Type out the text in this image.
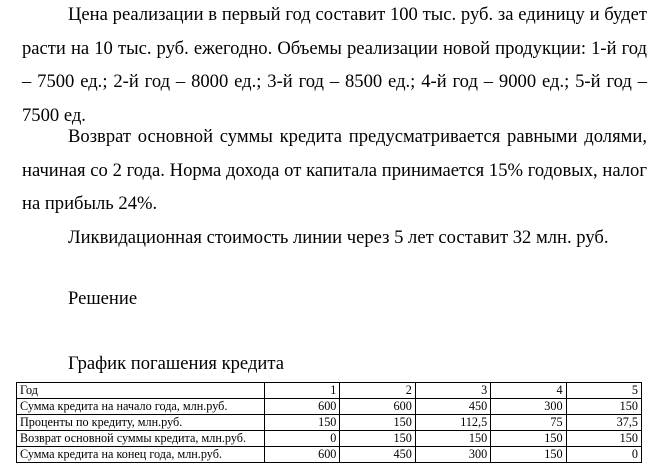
Цена реализации в первый год составит 100 тыс. руб. за единицу и будет расти на 10 тыс. руб. ежегодно. Объемы реализации новой продукции: 1-й год – 7500 ед.; 2-й год – 8000 ед.; 3-й год – 8500 ед.; 4-й год – 9000 ед.; 5-й год – 7500 ед.

Возврат основной суммы кредита предусматривается равными долями, начиная со 2 года. Норма дохода от капитала принимается 15% годовых, налог на прибыль 24%.

Ликвидационная стоимость линии через 5 лет составит 32 млн. руб.

Решение
График погашения кредита
Год	1	2	3	4	5
Сумма кредита на начало года, млн.руб.	600	600	450	300	150
Проценты по кредиту, млн.руб.	150	150	112,5	75	37,5
Возврат основной суммы кредита, млн.руб.	0	150	150	150	150
Сумма кредита на конец года, млн.руб.	600	450	300	150	0
